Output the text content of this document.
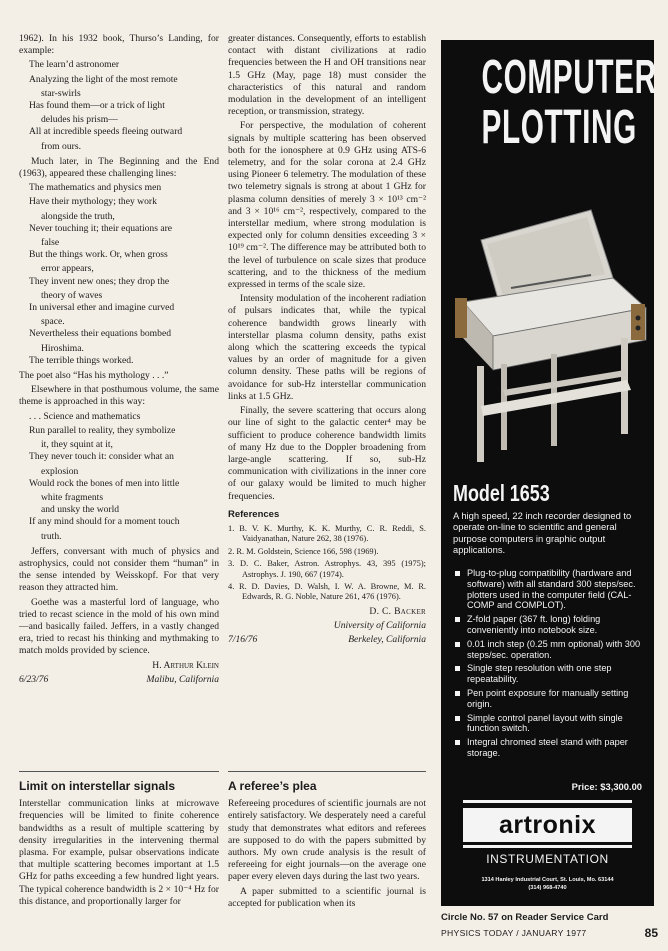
1962). In his 1932 book, Thurso’s Landing, for example:

The learn’d astronomer

Analyzing the light of the most remote

star-swirls

Has found them—or a trick of light

deludes his prism—

All at incredible speeds fleeing outward

from ours.

Much later, in The Beginning and the End (1963), appeared these challenging lines:

The mathematics and physics men

Have their mythology; they work

alongside the truth,

Never touching it; their equations are

false

But the things work. Or, when gross

error appears,

They invent new ones; they drop the

theory of waves

In universal ether and imagine curved

space.

Nevertheless their equations bombed

Hiroshima.

The terrible things worked.

The poet also “Has his mythology . . .”

Elsewhere in that posthumous volume, the same theme is approached in this way:

. . . Science and mathematics

Run parallel to reality, they symbolize

it, they squint at it,

They never touch it: consider what an

explosion

Would rock the bones of men into little

white fragments

and unsky the world

If any mind should for a moment touch

truth.

Jeffers, conversant with much of physics and astrophysics, could not consider them “human” in the sense intended by Weisskopf. For that very reason they attracted him.

Goethe was a masterful lord of language, who tried to recast science in the mold of his own mind—and basically failed. Jeffers, in a vastly changed era, tried to recast his thinking and mythmaking to match molds provided by science.

H. Arthur Klein
6/23/76	Malibu, California
Limit on interstellar signals

Interstellar communication links at microwave frequencies will be limited to finite coherence bandwidths as a result of multiple scattering by density irregularities in the intervening thermal plasma. For example, pulsar observations indicate that multiple scattering becomes important at 1.5 GHz for paths exceeding a few hundred light years. The typical coherence bandwidth is 2 × 10⁻⁴ Hz for this distance, and proportionally larger for

greater distances. Consequently, efforts to establish contact with distant civilizations at radio frequencies between the H and OH transitions near 1.5 GHz (May, page 18) must consider the characteristics of this natural and random modulation in the development of an intelligent reception, or transmission, strategy.

For perspective, the modulation of coherent signals by multiple scattering has been observed both for the ionosphere at 0.9 GHz using ATS-6 telemetry, and for the solar corona at 2.4 GHz using Pioneer 6 telemetry. The modulation of these two telemetry signals is strong at about 1 GHz for plasma column densities of merely 3 × 10¹³ cm⁻² and 3 × 10¹⁶ cm⁻², respectively, compared to the interstellar medium, where strong modulation is expected only for column densities exceeding 3 × 10¹⁹ cm⁻². The difference may be attributed both to the level of turbulence on scale sizes that produce scattering, and to the thickness of the medium expressed in terms of the scale size.

Intensity modulation of the incoherent radiation of pulsars indicates that, while the typical coherence bandwidth grows linearly with interstellar plasma column density, paths exist along which the scattering exceeds the typical values by an order of magnitude for a given column density. These paths will be regions of avoidance for sub-Hz interstellar communication links at 1.5 GHz.

Finally, the severe scattering that occurs along our line of sight to the galactic center⁴ may be sufficient to produce coherence bandwidth limits of many Hz due to the Doppler broadening from large-angle scattering. If so, sub-Hz communication with civilizations in the inner core of our galaxy would be limited to much higher frequencies.

References

1. B. V. K. Murthy, K. K. Murthy, C. R. Reddi, S. Vaidyanathan, Nature 262, 38 (1976).

2. R. M. Goldstein, Science 166, 598 (1969).

3. D. C. Baker, Astron. Astrophys. 43, 395 (1975); Astrophys. J. 190, 667 (1974).

4. R. D. Davies, D. Walsh, I. W. A. Browne, M. R. Edwards, R. G. Noble, Nature 261, 476 (1976).

D. C. Backer
University of California
7/16/76	Berkeley, California
A referee’s plea

Refereeing procedures of scientific journals are not entirely satisfactory. We desperately need a careful study that demonstrates what editors and referees are supposed to do with the papers submitted by authors. My own crude analysis is the result of refereeing for eight journals—on the average one paper every eleven days during the last two years.

A paper submitted to a scientific journal is accepted for publication when its

COMPUTER
PLOTTING
Model 1653
A high speed, 22 inch recorder designed to operate on-line to scientific and general purpose computers in graphic output applications.
Plug-to-plug compatibility (hardware and software) with all standard 300 steps/sec. plotters used in the computer field (CAL-COMP and COMPLOT).
Z-fold paper (367 ft. long) folding conveniently into notebook size.
0.01 inch step (0.25 mm optional) with 300 steps/sec. operation.
Single step resolution with one step repeatability.
Pen point exposure for manually setting origin.
Simple control panel layout with single function switch.
Integral chromed steel stand with paper storage.
Price: $3,300.00
artronix
INSTRUMENTATION
1314 Hanley Industrial Court, St. Louis, Mo. 63144
(314) 968-4740
Circle No. 57 on Reader Service Card
PHYSICS TODAY / JANUARY 1977	85
